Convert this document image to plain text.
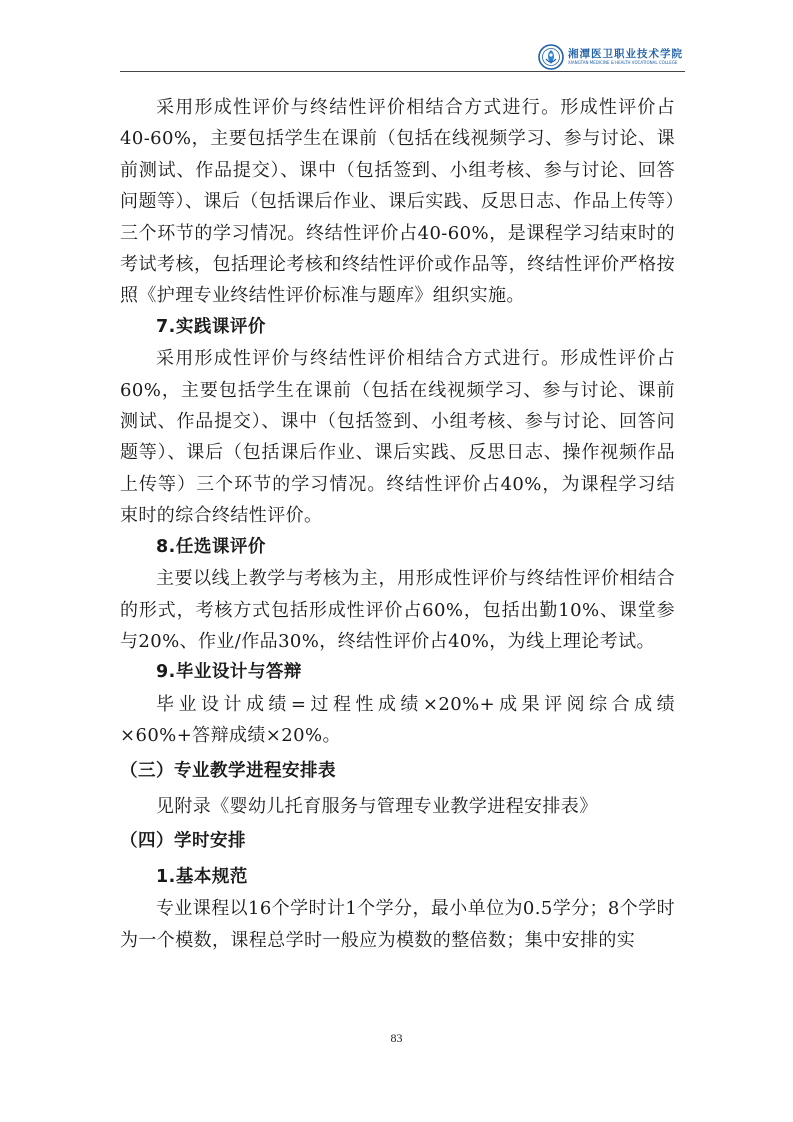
湘潭医卫职业技术学院
XIANGTAN MEDICINE & HEALTH VOCATIONAL COLLEGE

采用形成性评价与终结性评价相结合方式进行。形成性评价占40-60%，主要包括学生在课前（包括在线视频学习、参与讨论、课前测试、作品提交）、课中（包括签到、小组考核、参与讨论、回答问题等）、课后（包括课后作业、课后实践、反思日志、作品上传等）三个环节的学习情况。终结性评价占40-60%，是课程学习结束时的考试考核，包括理论考核和终结性评价或作品等，终结性评价严格按照《护理专业终结性评价标准与题库》组织实施。

7.实践课评价

采用形成性评价与终结性评价相结合方式进行。形成性评价占60%，主要包括学生在课前（包括在线视频学习、参与讨论、课前测试、作品提交）、课中（包括签到、小组考核、参与讨论、回答问题等）、课后（包括课后作业、课后实践、反思日志、操作视频作品上传等）三个环节的学习情况。终结性评价占40%，为课程学习结束时的综合终结性评价。

8.任选课评价

主要以线上教学与考核为主，用形成性评价与终结性评价相结合的形式，考核方式包括形成性评价占60%，包括出勤10%、课堂参与20%、作业/作品30%，终结性评价占40%，为线上理论考试。

9.毕业设计与答辩

毕业设计成绩=过程性成绩×20%+成果评阅综合成绩×60%+答辩成绩×20%。

（三）专业教学进程安排表

见附录《婴幼儿托育服务与管理专业教学进程安排表》

（四）学时安排

1.基本规范

专业课程以16个学时计1个学分，最小单位为0.5学分；8个学时为一个模数，课程总学时一般应为模数的整倍数；集中安排的实

83
